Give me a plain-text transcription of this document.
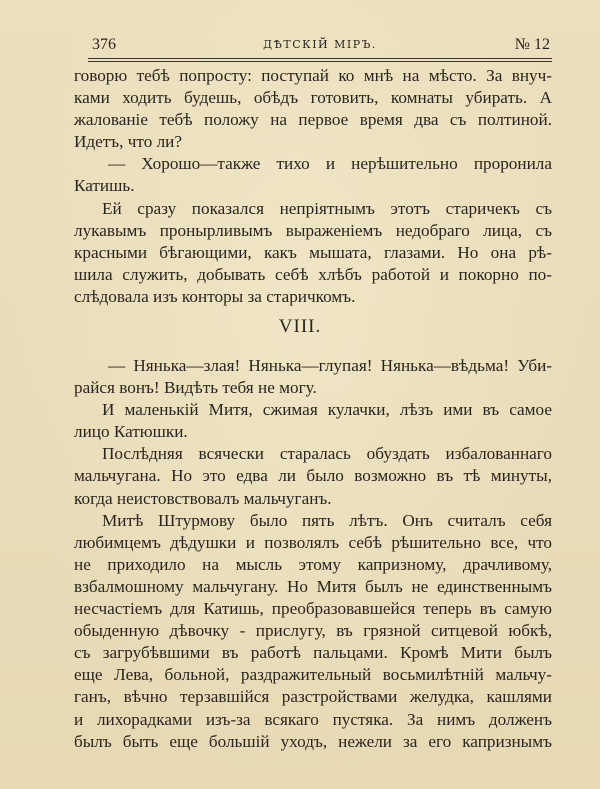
376	ДѢТСКІЙ МІРЪ.	№ 12
говорю тебѣ попросту: поступай ко мнѣ на мѣсто. За внуч-
ками ходить будешь, обѣдъ готовить, комнаты убирать. А
жалованіе тебѣ положу на первое время два съ полтиной.
Идетъ, что ли?
— Хорошо—также тихо и нерѣшительно проронила
Катишь.
Ей сразу показался непріятнымъ этотъ старичекъ съ
лукавымъ пронырливымъ выраженіемъ недобраго лица, съ
красными бѣгающими, какъ мышата, глазами. Но она рѣ-
шила служить, добывать себѣ хлѣбъ работой и покорно по-
слѣдовала изъ конторы за старичкомъ.
VIII.
— Нянька—злая! Нянька—глупая! Нянька—вѣдьма! Уби-
райся вонъ! Видѣть тебя не могу.
И маленькій Митя, сжимая кулачки, лѣзъ ими въ самое
лицо Катюшки.
Послѣдняя всячески старалась обуздать избалованнаго
мальчугана. Но это едва ли было возможно въ тѣ минуты,
когда неистовствовалъ мальчуганъ.
Митѣ Штурмову было пять лѣтъ. Онъ считалъ себя
любимцемъ дѣдушки и позволялъ себѣ рѣшительно все, что
не приходило на мысль этому капризному, драчливому,
взбалмошному мальчугану. Но Митя былъ не единственнымъ
несчастіемъ для Катишь, преобразовавшейся теперь въ самую
обыденную дѣвочку - прислугу, въ грязной ситцевой юбкѣ,
съ загрубѣвшими въ работѣ пальцами. Кромѣ Мити былъ
еще Лева, больной, раздражительный восьмилѣтній мальчу-
ганъ, вѣчно терзавшійся разстройствами желудка, кашлями
и лихорадками изъ-за всякаго пустяка. За нимъ долженъ
былъ быть еще большій уходъ, нежели за его капризнымъ
